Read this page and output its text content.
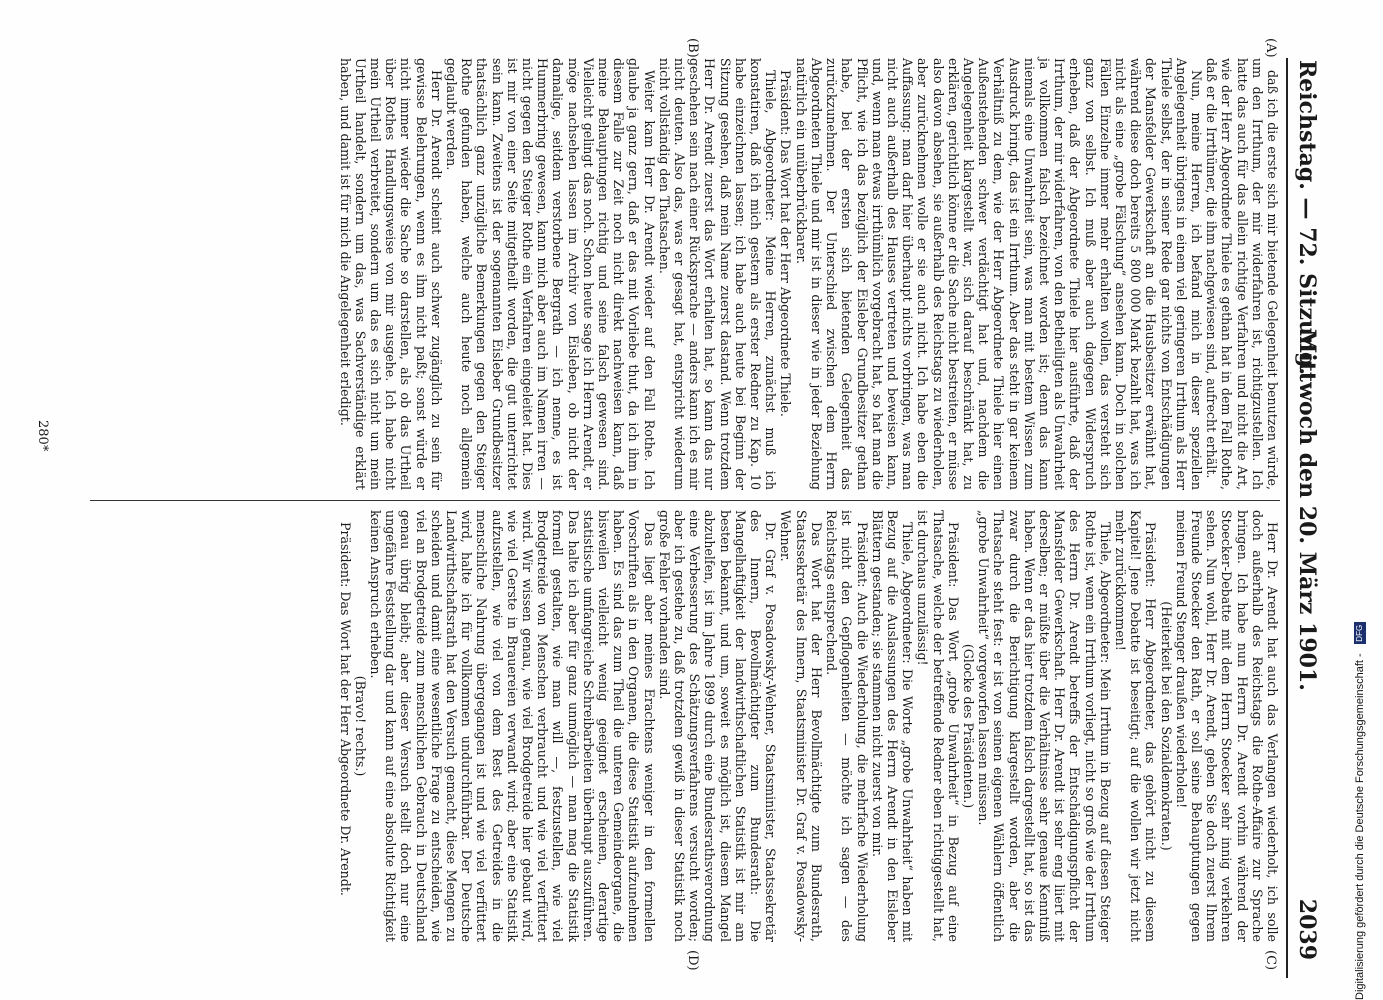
Reichstag. — 72. Sitzung.
Mittwoch den 20. März 1901.
2039
(A)
(B)
(C)
(D)

daß ich die erste sich mir bietende Gelegenheit benutzen würde, um den Irrthum, der mir widerfahren ist, richtigzustellen. Ich hatte das auch für das allein richtige Verfahren und nicht die Art, wie der Herr Abgeordnete Thiele es gethan hat in dem Fall Rothe, daß er die Irrthümer, die ihm nachgewiesen sind, aufrecht erhält.

Nun, meine Herren, ich befand mich in dieser speziellen Angelegenheit übrigens in einem viel geringeren Irrthum als Herr Thiele selbst, der in seiner Rede gar nichts von Entschädigungen der Mansfelder Gewerkschaft an die Hausbesitzer erwähnt hat, während diese doch bereits 5 800 000 Mark bezahlt hat, was ich nicht als eine „grobe Fälschung“ ansehen kann. Doch in solchen Fällen Einzelne immer mehr erhalten wollen, das versteht sich ganz von selbst. Ich muß aber auch dagegen Widerspruch erheben, daß der Abgeordnete Thiele hier ausführte, daß der Irrthum, der mir widerfahren, von den Betheiligten als Unwahrheit ja vollkommen falsch bezeichnet worden ist; denn das kann niemals eine Unwahrheit sein, was man mit bestem Wissen zum Ausdruck bringt, das ist ein Irrthum. Aber das steht in gar keinem Verhältniß zu dem, wie der Herr Abgeordnete Thiele hier einen Außenstehenden schwer verdächtigt hat und, nachdem die Angelegenheit klargestellt war, sich darauf beschränkt hat, zu erklären, gerichtlich könne er die Sache nicht bestreiten, er müsse also davon absehen, sie außerhalb des Reichstags zu wiederholen, aber zurücknehmen wolle er sie auch nicht. Ich habe eben die Auffassung: man darf hier überhaupt nichts vorbringen, was man nicht auch außerhalb des Hauses vertreten und beweisen kann, und, wenn man etwas irrthümlich vorgebracht hat, so hat man die Pflicht, wie ich das bezüglich der Eisleber Grundbesitzer gethan habe, bei der ersten sich bietenden Gelegenheit das zurückzunehmen. Der Unterschied zwischen dem Herrn Abgeordneten Thiele und mir ist in dieser wie in jeder Beziehung natürlich ein unüberbrückbarer.

Präsident: Das Wort hat der Herr Abgeordnete Thiele.

Thiele, Abgeordneter: Meine Herren, zunächst muß ich konstatiren, daß ich mich gestern als erster Redner zu Kap. 10 habe einzeichnen lassen; ich habe auch heute bei Beginn der Sitzung gesehen, daß mein Name zuerst dastand. Wenn trotzdem Herr Dr. Arendt zuerst das Wort erhalten hat, so kann das nur geschehen sein nach einer Rücksprache — anders kann ich es mir nicht deuten. Also das, was er gesagt hat, entspricht wiederum nicht vollständig den Thatsachen.

Weiter kam Herr Dr. Arendt wieder auf den Fall Rothe. Ich glaube ja ganz gern, daß er das mit Vorliebe thut, da ich ihm in diesem Falle zur Zeit noch nicht direkt nachweisen kann, daß meine Behauptungen richtig und seine falsch gewesen sind. Vielleicht gelingt das noch. Schon heute sage ich Herrn Arendt, er möge nachsehen lassen im Archiv von Eisleben, ob nicht der damalige, seitdem verstorbene Bergrath — ich nenne, es ist Hummerbring gewesen, kann mich aber auch im Namen irren — nicht gegen den Steiger Rothe ein Verfahren eingeleitet hat. Dies ist mir von einer Seite mitgetheilt worden, die gut unterrichtet sein kann. Zweitens ist der sogenannten Eisleber Grundbesitzer thatsächlich ganz unzügliche Bemerkungen gegen den Steiger Rothe gefunden haben, welche auch heute noch allgemein geglaubt werden.

Herr Dr. Arendt scheint auch schwer zugänglich zu sein für gewisse Belehrungen, wenn es ihm nicht paßt; sonst würde er nicht immer wieder die Sache so darstellen, als ob das Urtheil über Rothes Handlungsweise von mir ausgehe. Ich habe nicht mein Urtheil verbreitet, sondern um das es sich nicht um mein Urtheil handelt, sondern um das, was Sachverständige erklärt haben, und damit ist für mich die Angelegenheit erledigt.

Herr Dr. Arendt hat auch das Verlangen wiederholt, ich solle doch außerhalb des Reichstags die Rothe-Affaire zur Sprache bringen. Ich habe nun Herrn Dr. Arendt vorhin während der Stoecker-Debatte mit dem Herrn Stoecker sehr innig verkehren sehen. Nun wohl, Herr Dr. Arendt, geben Sie doch zuerst Ihrem Freunde Stoecker den Rath, er soll seine Behauptungen gegen meinen Freund Stenger draußen wiederholen!

(Heiterkeit bei den Sozialdemokraten.)

Präsident: Herr Abgeordneter, das gehört nicht zu diesem Kapitel! Jene Debatte ist beseitigt; auf die wollen wir jetzt nicht mehr zurückkommen!

Thiele, Abgeordneter: Mein Irrthum in Bezug auf diesen Steiger Rothe ist, wenn ein Irrthum vorliegt, nicht so groß wie der Irrthum des Herrn Dr. Arendt betreffs der Entschädigungspflicht der Mansfelder Gewerkschaft. Herr Dr. Arendt ist sehr eng liiert mit derselben; er müßte über die Verhältnisse sehr genaue Kenntniß haben. Wenn er das hier trotzdem falsch dargestellt hat, so ist das zwar durch die Berichtigung klargestellt worden, aber die Thatsache steht fest: er ist von seinen eigenen Wählern öffentlich „grobe Unwahrheit“ vorgeworfen lassen müssen.

(Glocke des Präsidenten.)

Präsident: Das Wort „grobe Unwahrheit“ in Bezug auf eine Thatsache, welche der betreffende Redner eben richtiggestellt hat, ist durchaus unzulässig!

Thiele, Abgeordneter: Die Worte „grobe Unwahrheit“ haben mit Bezug auf die Auslassungen des Herrn Arendt in den Eisleber Blättern gestanden; sie stammen nicht zuerst von mir.

Präsident: Auch die Wiederholung, die mehrfache Wiederholung ist nicht den Gepflogenheiten — möchte ich sagen — des Reichstags entsprechend.

Das Wort hat der Herr Bevollmächtigte zum Bundesrath, Staatssekretär des Innern, Staatsminister Dr. Graf v. Posadowsky-Wehner.

Dr. Graf v. Posadowsky-Wehner, Staatsminister, Staatssekretär des Innern, Bevollmächtigter zum Bundesrath: Die Mangelhaftigkeit der landwirthschaftlichen Statistik ist mir am besten bekannt, und um, soweit es möglich ist, diesem Mangel abzuhelfen, ist im Jahre 1899 durch eine Bundesrathsverordnung eine Verbesserung des Schätzungsverfahrens versucht worden; aber ich gestehe zu, daß trotzdem gewiß in dieser Statistik noch große Fehler vorhanden sind.

Das liegt aber meines Erachtens weniger in den formellen Vorschriften als in den Organen, die diese Statistik aufzunehmen haben. Es sind das zum Theil die unteren Gemeindeorgane, die bisweilen vielleicht wenig geeignet erscheinen, derartige statistische umfangreiche Schreibarbeiten überhaupt auszuführen. Das halte ich aber für ganz unmöglich — man mag die Statistik formell gestalten, wie man will —, festzustellen, wie viel Brodgetreide von Menschen verbraucht und wie viel verfüttert wird. Wir wissen genau, wie viel Brodgetreide hier gebaut wird, wie viel Gerste in Brauereien verwandt wird; aber eine Statistik aufzustellen, wie viel von dem Rest des Getreides in die menschliche Nahrung übergegangen ist und wie viel verfüttert wird, halte ich für vollkommen undurchführbar. Der Deutsche Landwirthschaftsrath hat den Versuch gemacht, diese Mengen zu scheiden und damit eine wesentliche Frage zu entscheiden, wie viel an Brodgetreide zum menschlichen Gebrauch in Deutschland genau übrig bleibt; aber dieser Versuch stellt doch nur eine ungefähre Feststellung dar und kann auf eine absolute Richtigkeit keinen Anspruch erheben.

(Bravo! rechts.)

Präsident: Das Wort hat der Herr Abgeordnete Dr. Arendt.

280*
Digitalisierung gefördert durch die Deutsche Forschungsgemeinschaft - DFG
